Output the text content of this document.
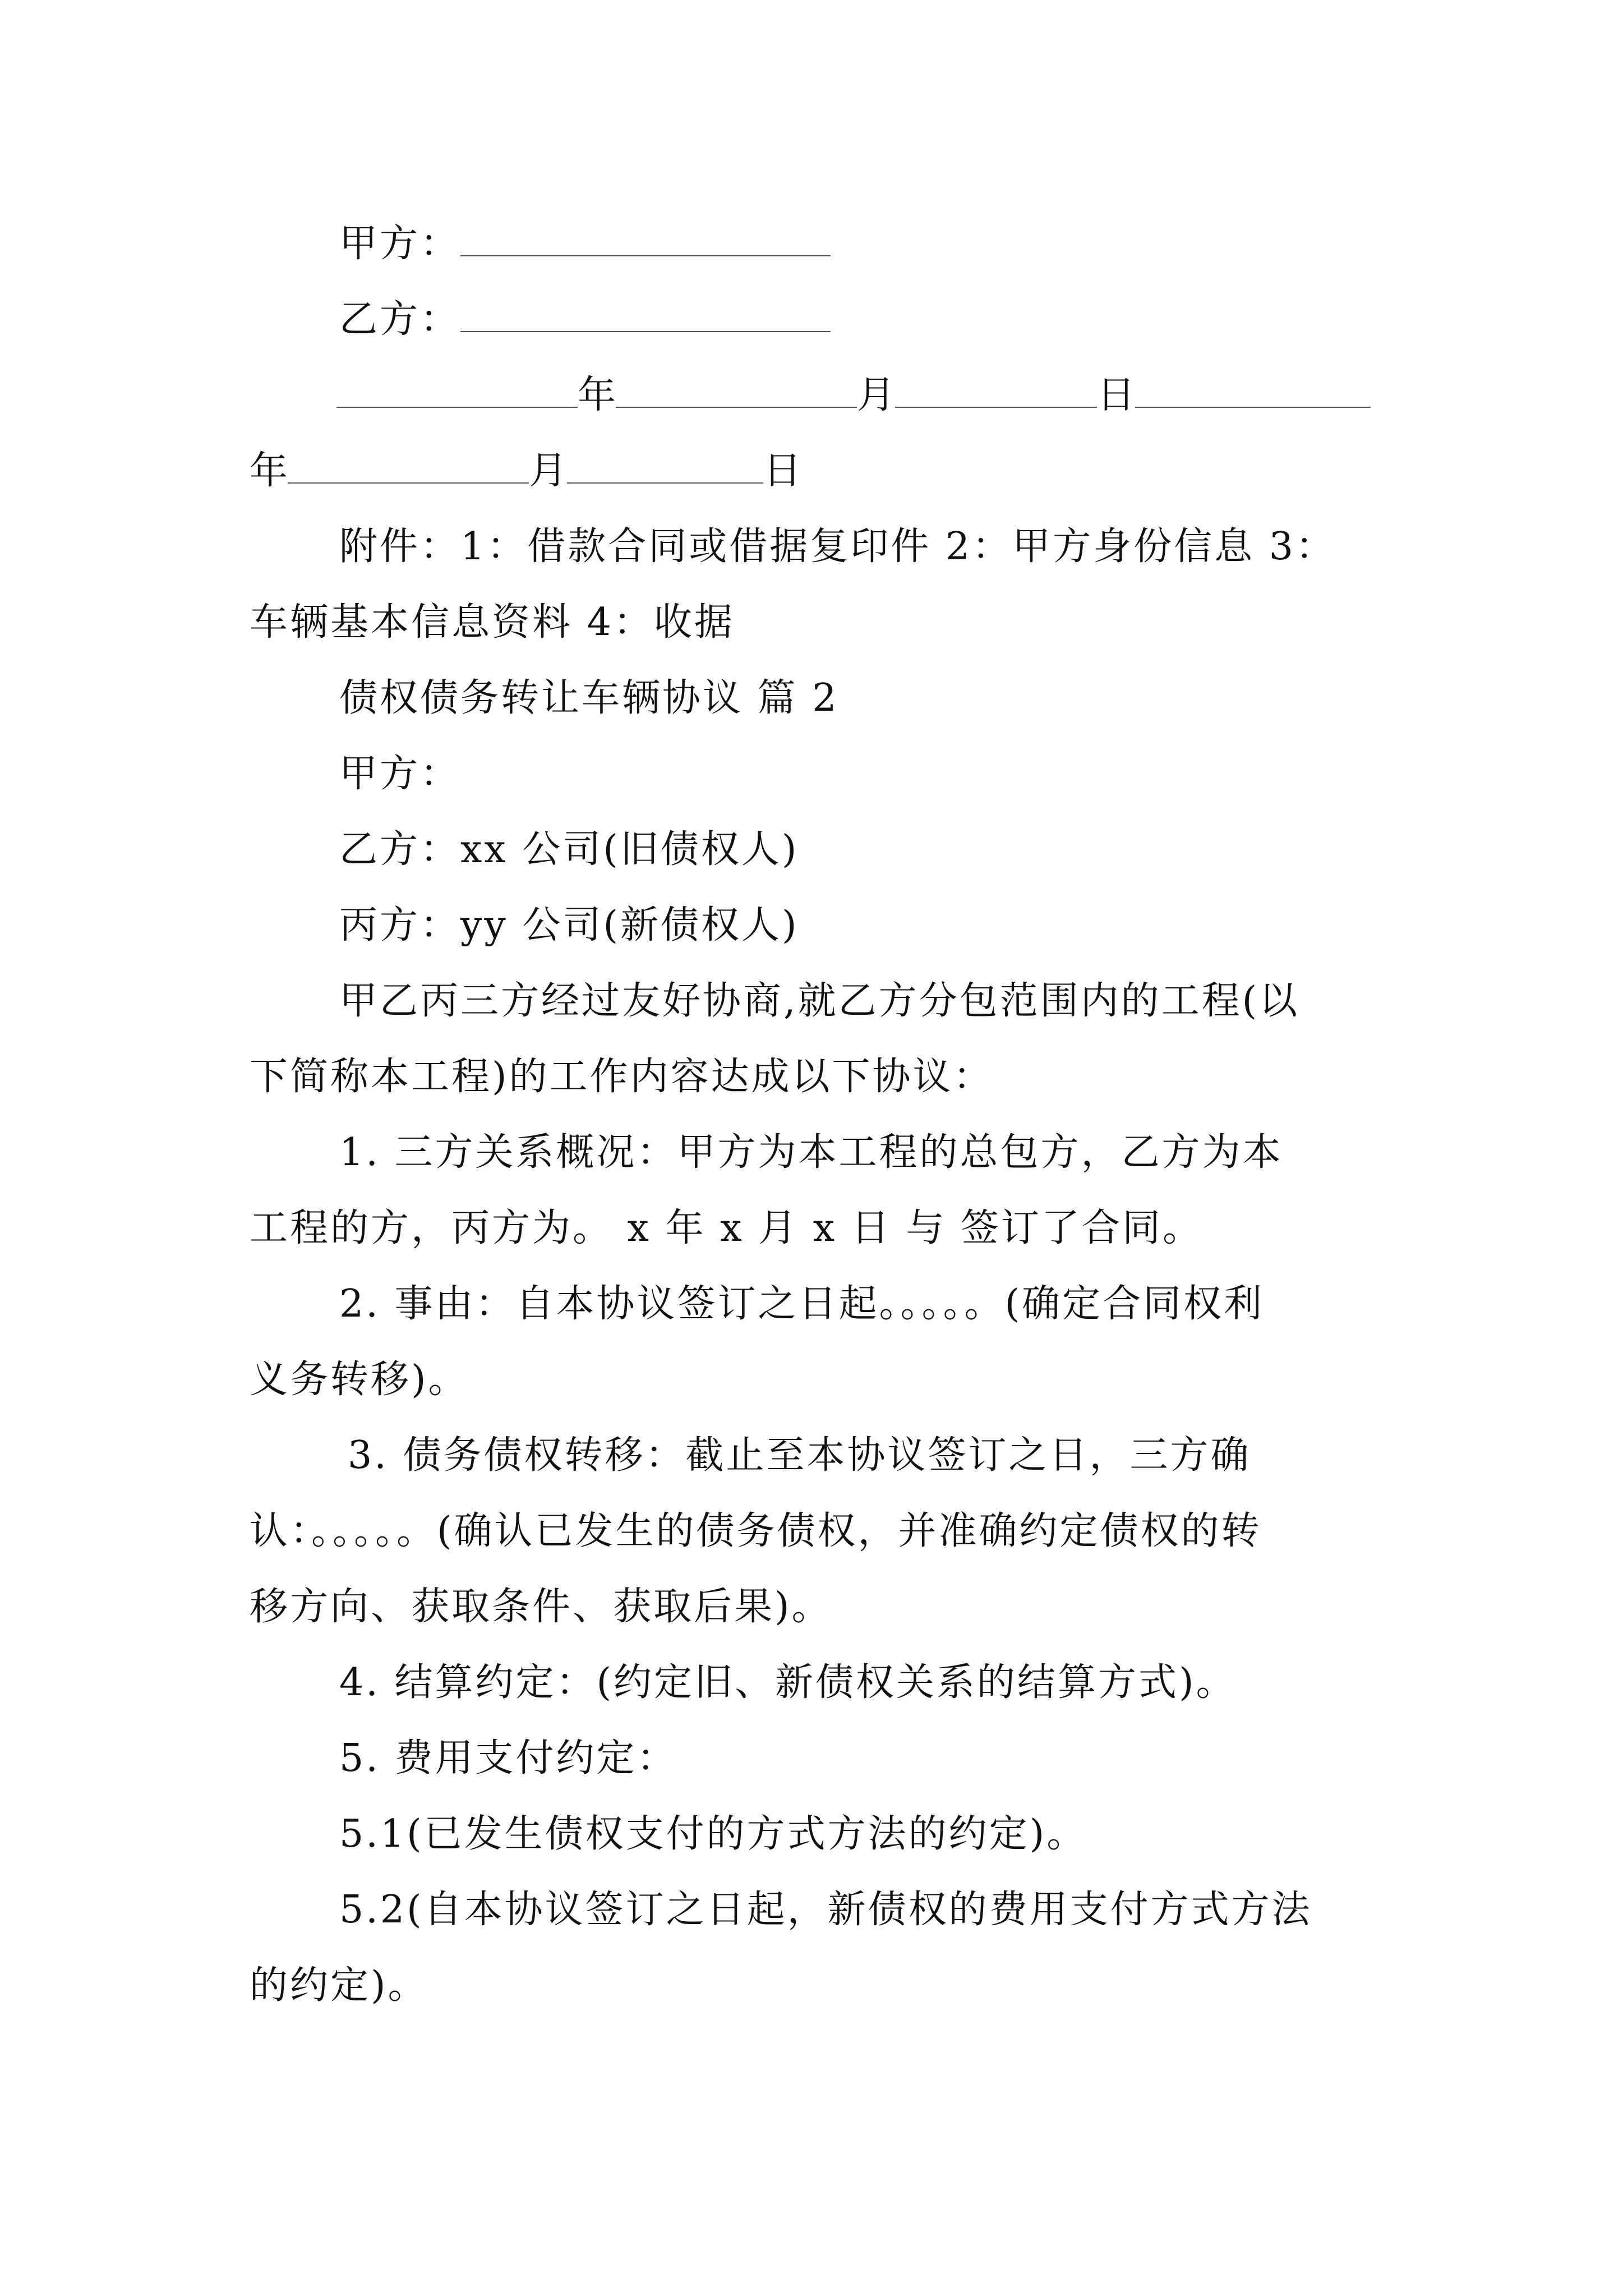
甲方：
乙方：
年	月	日
年	月	日
附件：1：借款合同或借据复印件 2：甲方身份信息 3：
车辆基本信息资料 4：收据
债权债务转让车辆协议 篇 2
甲方：
乙方：xx 公司(旧债权人)
丙方：yy 公司(新债权人)
甲乙丙三方经过友好协商,就乙方分包范围内的工程(以
下简称本工程)的工作内容达成以下协议：
1. 三方关系概况：甲方为本工程的总包方，乙方为本
工程的方，丙方为。 x 年 x 月 x 日 与 签订了合同。
2. 事由：自本协议签订之日起。。。。。(确定合同权利
义务转移)。
3. 债务债权转移：截止至本协议签订之日，三方确
认：。。。。。(确认已发生的债务债权，并准确约定债权的转
移方向、获取条件、获取后果)。
4. 结算约定：(约定旧、新债权关系的结算方式)。
5. 费用支付约定：
5.1(已发生债权支付的方式方法的约定)。
5.2(自本协议签订之日起，新债权的费用支付方式方法
的约定)。
